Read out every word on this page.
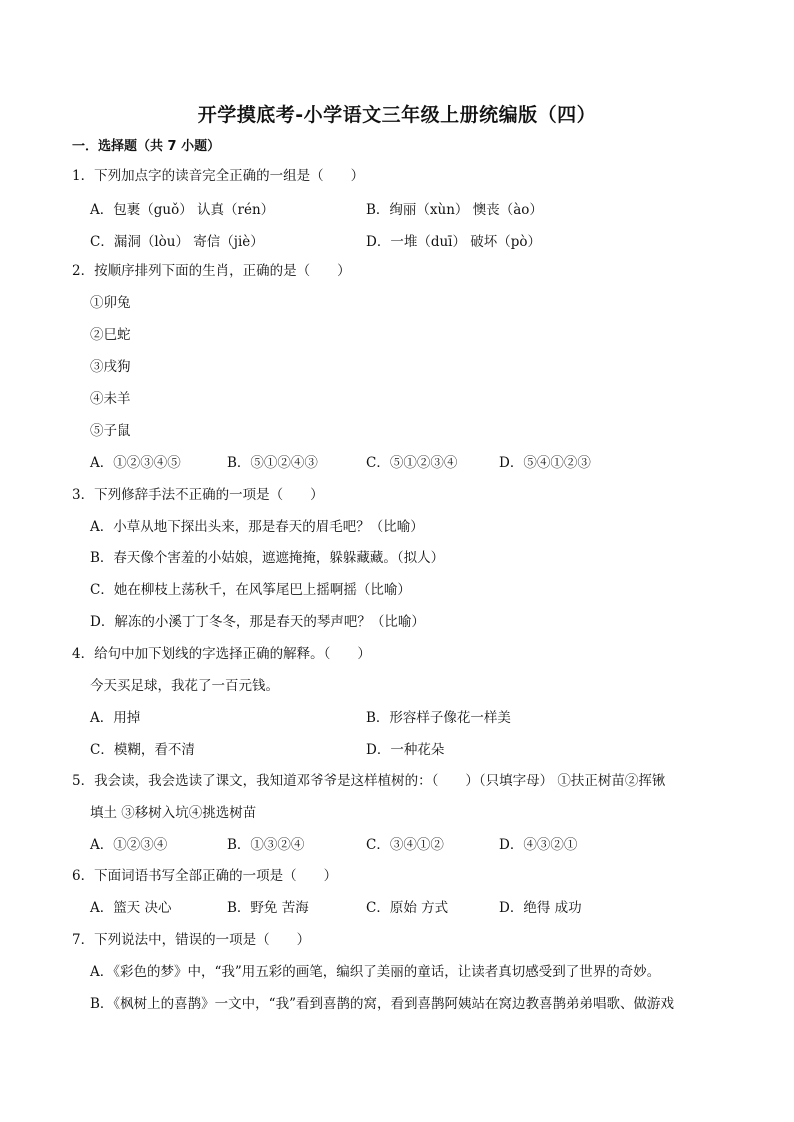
开学摸底考-小学语文三年级上册统编版（四）
一．选择题（共 7 小题）
1．下列加点字的读音完全正确的一组是（　　）
A．包裹（guǒ） 认真（rén）	B．绚丽（xùn） 懊丧（ào）
C．漏洞（lòu） 寄信（jiè）	D．一堆（duī） 破坏（pò）
2．按顺序排列下面的生肖，正确的是（　　）
①卯兔
②巳蛇
③戌狗
④未羊
⑤子鼠
A．①②③④⑤	B．⑤①②④③	C．⑤①②③④	D．⑤④①②③
3．下列修辞手法不正确的一项是（　　）
A．小草从地下探出头来，那是春天的眉毛吧？（比喻）
B．春天像个害羞的小姑娘，遮遮掩掩，躲躲藏藏。（拟人）
C．她在柳枝上荡秋千，在风筝尾巴上摇啊摇（比喻）
D．解冻的小溪丁丁冬冬，那是春天的琴声吧？（比喻）
4．给句中加下划线的字选择正确的解释。（　　）
今天买足球，我花了一百元钱。
A．用掉	B．形容样子像花一样美
C．模糊，看不清	D．一种花朵
5．我会读，我会选读了课文，我知道邓爷爷是这样植树的：（　　）（只填字母） ①扶正树苗②挥锹
填土 ③移树入坑④挑选树苗
A．①②③④	B．①③②④	C．③④①②	D．④③②①
6．下面词语书写全部正确的一项是（　　）
A．篮天 决心	B．野免 苦海	C．原始 方式	D．绝得 成功
7．下列说法中，错误的一项是（　　）
A．《彩色的梦》中，“我”用五彩的画笔，编织了美丽的童话，让读者真切感受到了世界的奇妙。
B．《枫树上的喜鹊》一文中，“我”看到喜鹊的窝，看到喜鹊阿姨站在窝边教喜鹊弟弟唱歌、做游戏
